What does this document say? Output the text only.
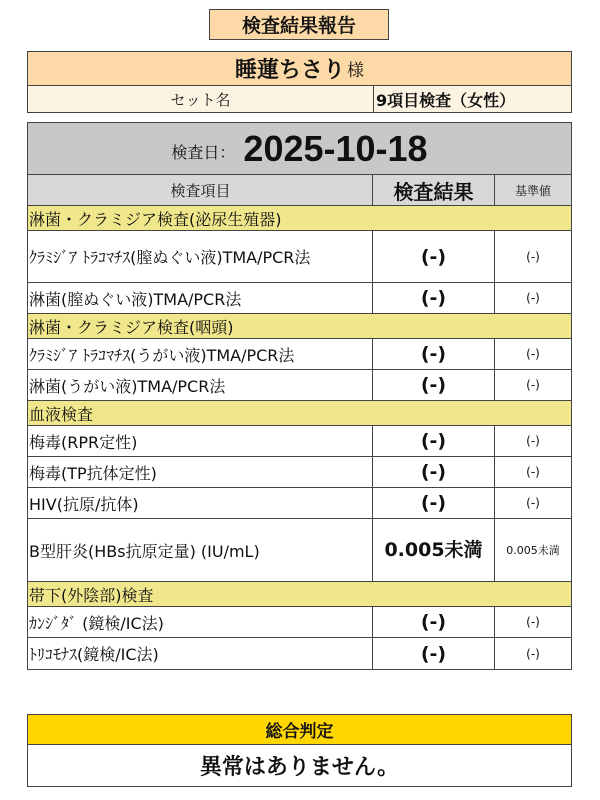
検査結果報告
睡蓮ちさり 様
セット名	9項目検査（女性）
検査日： 2025-10-18
検査項目	検査結果	基準値
淋菌・クラミジア検査(泌尿生殖器)
ｸﾗﾐｼﾞｱ ﾄﾗｺﾏﾁｽ(膣ぬぐい液)TMA/PCR法	(-)	(-)
淋菌(膣ぬぐい液)TMA/PCR法	(-)	(-)
淋菌・クラミジア検査(咽頭)
ｸﾗﾐｼﾞｱ ﾄﾗｺﾏﾁｽ(うがい液)TMA/PCR法	(-)	(-)
淋菌(うがい液)TMA/PCR法	(-)	(-)
血液検査
梅毒(RPR定性)	(-)	(-)
梅毒(TP抗体定性)	(-)	(-)
HIV(抗原/抗体)	(-)	(-)
B型肝炎(HBs抗原定量) (IU/mL)	0.005未満	0.005未満
帯下(外陰部)検査
ｶﾝｼﾞﾀﾞ (鏡検/IC法)	(-)	(-)
ﾄﾘｺﾓﾅｽ(鏡検/IC法)	(-)	(-)
総合判定
異常はありません。
